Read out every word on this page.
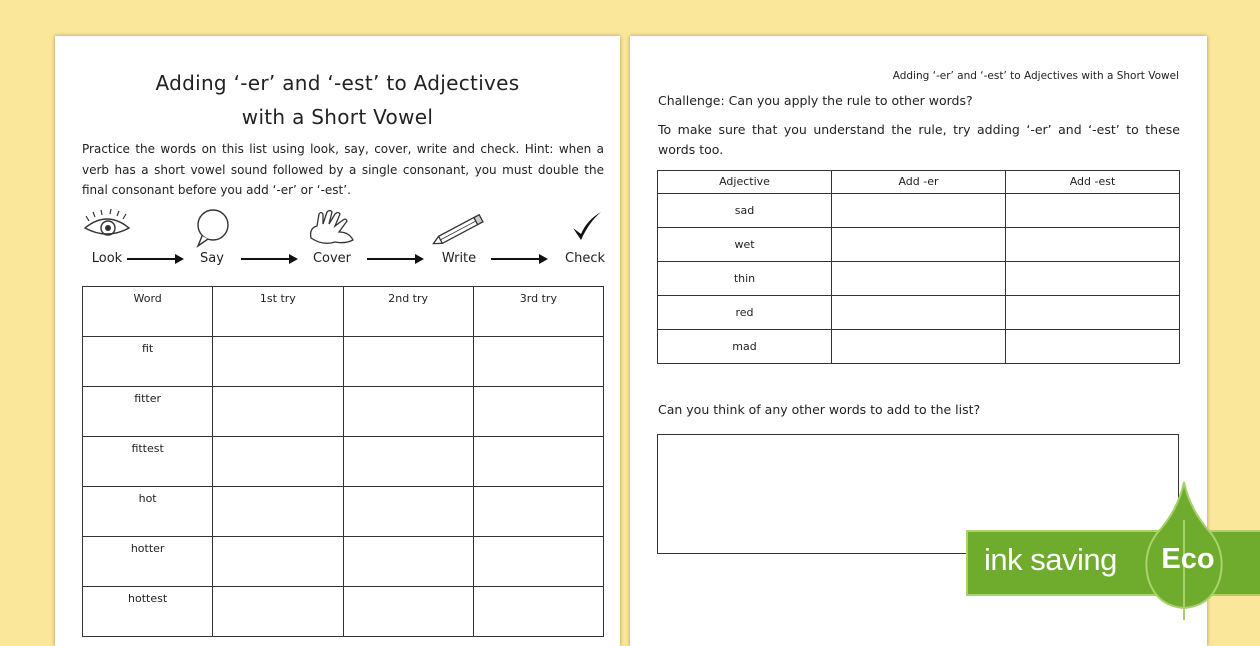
Adding ‘-er’ and ‘-est’ to Adjectives
with a Short Vowel
Practice the words on this list using look, say, cover, write and check. Hint: when a verb has a short vowel sound followed by a single consonant, you must double the final consonant before you add ‘-er’ or ‘-est’.
Look	Say	Cover	Write	Check
Word	1st try	2nd try	3rd try
fit			
fitter			
fittest			
hot			
hotter			
hottest			
Adding ‘-er’ and ‘-est’ to Adjectives with a Short Vowel
Challenge: Can you apply the rule to other words?
To make sure that you understand the rule, try adding ‘-er’ and ‘-est’ to these words too.
Adjective	Add -er	Add -est
sad		
wet		
thin		
red		
mad		
Can you think of any other words to add to the list?
ink saving Eco
